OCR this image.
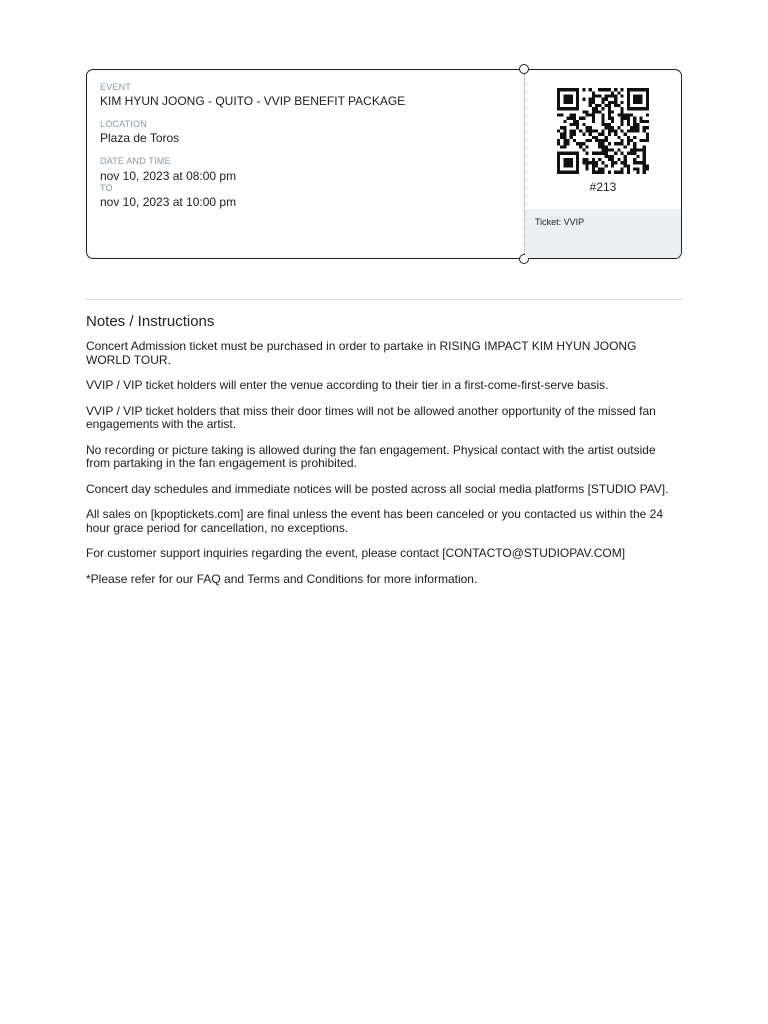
EVENT
KIM HYUN JOONG - QUITO - VVIP BENEFIT PACKAGE
LOCATION
Plaza de Toros
DATE AND TIME
nov 10, 2023 at 08:00 pm
TO
nov 10, 2023 at 10:00 pm
#213
Ticket: VVIP
Notes / Instructions

Concert Admission ticket must be purchased in order to partake in RISING IMPACT KIM HYUN JOONG WORLD TOUR.

VVIP / VIP ticket holders will enter the venue according to their tier in a first-come-first-serve basis.

VVIP / VIP ticket holders that miss their door times will not be allowed another opportunity of the missed fan engagements with the artist.

No recording or picture taking is allowed during the fan engagement. Physical contact with the artist outside from partaking in the fan engagement is prohibited.

Concert day schedules and immediate notices will be posted across all social media platforms [STUDIO PAV].

All sales on [kpoptickets.com] are final unless the event has been canceled or you contacted us within the 24 hour grace period for cancellation, no exceptions.

For customer support inquiries regarding the event, please contact [CONTACTO@STUDIOPAV.COM]

*Please refer for our FAQ and Terms and Conditions for more information.
